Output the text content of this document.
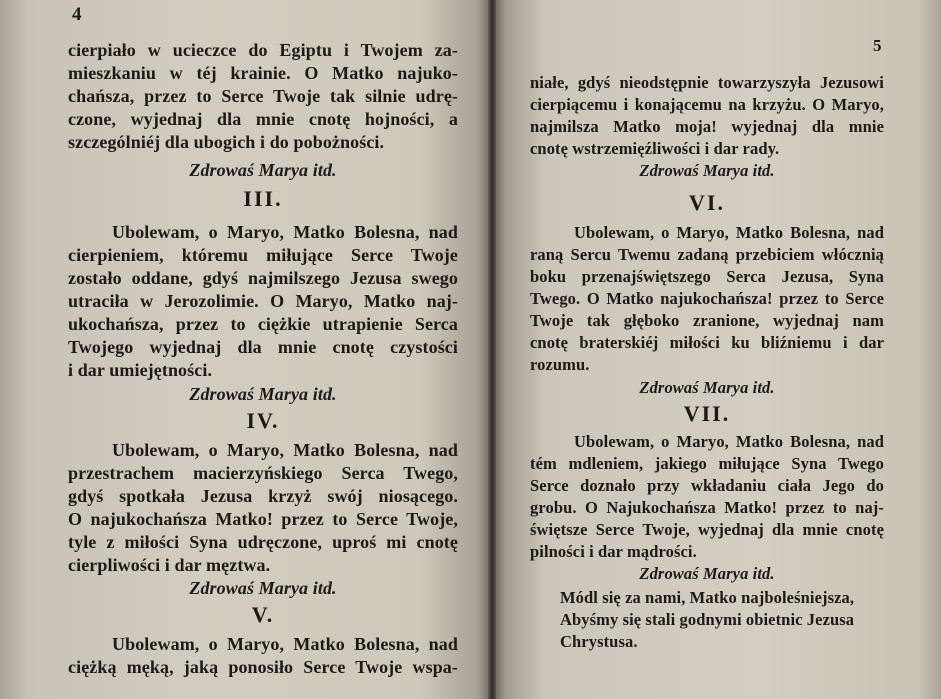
4
cierpiało w ucieczce do Egiptu i Twojem za-
mieszkaniu w téj krainie. O Matko najuko-
chańsza, przez to Serce Twoje tak silnie udrę-
czone, wyjednaj dla mnie cnotę hojności, a
szczególniéj dla ubogich i do pobożności.
Zdrowaś Marya itd.
III.
Ubolewam, o Maryo, Matko Bolesna, nad
cierpieniem, któremu miłujące Serce Twoje
zostało oddane, gdyś najmilszego Jezusa swego
utraciła w Jerozolimie. O Maryo, Matko naj-
ukochańsza, przez to ciężkie utrapienie Serca
Twojego wyjednaj dla mnie cnotę czystości
i dar umiejętności.
Zdrowaś Marya itd.
IV.
Ubolewam, o Maryo, Matko Bolesna, nad
przestrachem macierzyńskiego Serca Twego,
gdyś spotkała Jezusa krzyż swój niosącego.
O najukochańsza Matko! przez to Serce Twoje,
tyle z miłości Syna udręczone, uproś mi cnotę
cierpliwości i dar męztwa.
Zdrowaś Marya itd.
V.
Ubolewam, o Maryo, Matko Bolesna, nad
ciężką męką, jaką ponosiło Serce Twoje wspa-
5
niałe, gdyś nieodstępnie towarzyszyła Jezusowi
cierpiącemu i konającemu na krzyżu. O Maryo,
najmilsza Matko moja! wyjednaj dla mnie
cnotę wstrzemięźliwości i dar rady.
Zdrowaś Marya itd.
VI.
Ubolewam, o Maryo, Matko Bolesna, nad
raną Sercu Twemu zadaną przebiciem włócznią
boku przenajświętszego Serca Jezusa, Syna
Twego. O Matko najukochańsza! przez to Serce
Twoje tak głęboko zranione, wyjednaj nam
cnotę braterskiéj miłości ku bliźniemu i dar
rozumu.
Zdrowaś Marya itd.
VII.
Ubolewam, o Maryo, Matko Bolesna, nad
tém mdleniem, jakiego miłujące Syna Twego
Serce doznało przy wkładaniu ciała Jego do
grobu. O Najukochańsza Matko! przez to naj-
świętsze Serce Twoje, wyjednaj dla mnie cnotę
pilności i dar mądrości.
Zdrowaś Marya itd.
Módl się za nami, Matko najboleśniejsza,
Abyśmy się stali godnymi obietnic Jezusa
Chrystusa.
